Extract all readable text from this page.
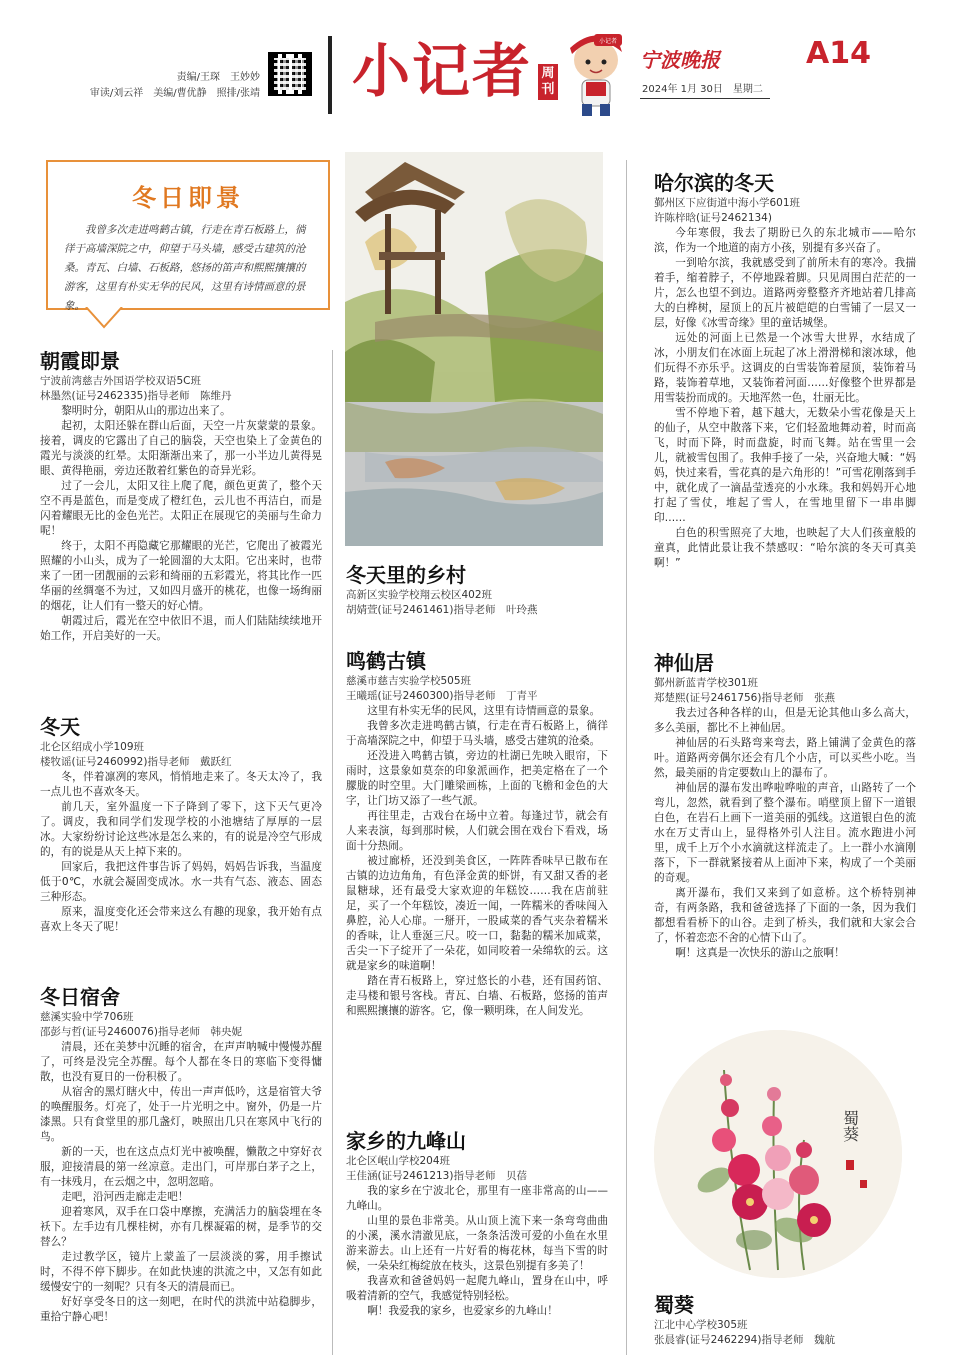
责编/王琛　王妙妙
审读/刘云祥　美编/曹优静　照排/张靖 小记者 周刊
小记者
宁波晚报	A14
2024年 1月 30日　星期二
冬日即景
我曾多次走进鸣鹤古镇，行走在青石板路上，徜徉于高墙深院之中，仰望于马头墙，感受古建筑的沧桑。青瓦、白墙、石板路，悠扬的笛声和熙熙攘攘的游客，这里有朴实无华的民风，这里有诗情画意的景象。
朝霞即景
宁波前湾慈吉外国语学校双语5C班
林墨然(证号2462335)指导老师　陈维丹

黎明时分，朝阳从山的那边出来了。

起初，太阳还躲在群山后面，天空一片灰蒙蒙的景象。接着，调皮的它露出了自己的脑袋，天空也染上了金黄色的霞光与淡淡的红晕。太阳渐渐出来了，那一小半边儿黄得晃眼、黄得艳丽，旁边还散着红紫色的奇异光彩。

过了一会儿，太阳又往上爬了爬，颜色更黄了，整个天空不再是蓝色，而是变成了橙红色，云儿也不再洁白，而是闪着耀眼无比的金色光芒。太阳正在展现它的美丽与生命力呢！

终于，太阳不再隐藏它那耀眼的光芒，它爬出了被霞光照耀的小山头，成为了一轮圆溜的大太阳。它出来时，也带来了一团一团靓丽的云彩和绮丽的五彩霞光，将其比作一匹华丽的丝绸毫不为过，又如四月盛开的桃花，也像一场绚丽的烟花，让人们有一整天的好心情。

朝霞过后，霞光在空中依旧不退，而人们陆陆续续地开始工作，开启美好的一天。

冬天
北仑区绍成小学109班
楼牧谣(证号2460992)指导老师　戴跃红

冬，伴着凛冽的寒风，悄悄地走来了。冬天太冷了，我一点儿也不喜欢冬天。

前几天，室外温度一下子降到了零下，这下天气更冷了。调皮，我和同学们发现学校的小池塘结了厚厚的一层冰。大家纷纷讨论这些冰是怎么来的，有的说是冷空气形成的，有的说是从天上掉下来的。

回家后，我把这件事告诉了妈妈，妈妈告诉我，当温度低于0℃，水就会凝固变成冰。水一共有气态、液态、固态三种形态。

原来，温度变化还会带来这么有趣的现象，我开始有点喜欢上冬天了呢！

冬日宿舍
慈溪实验中学706班
邵彭与哲(证号2460076)指导老师　韩央妮

清晨，还在美梦中沉睡的宿舍，在声声呐喊中慢慢苏醒了，可终是没完全苏醒。每个人都在冬日的寒临下变得慵散，也没有夏日的一份积极了。

从宿舍的黑灯瞎火中，传出一声声低吟，这是宿管大爷的唤醒服务。灯亮了，处于一片光明之中。窗外，仍是一片漆黑。只有食堂里的那几盏灯，映照出几只在寒风中飞行的鸟。

新的一天，也在这点点灯光中被唤醒，懒散之中穿好衣服，迎接清晨的第一丝凉意。走出门，可岸那白茅子之上，有一抹残月，在云烟之中，忽明忽暗。

走吧，沿河西走廊走走吧！

迎着寒风，双手在口袋中摩擦，充满活力的脑袋埋在冬袄下。左手边有几棵桂树，亦有几棵凝霜的树，是季节的交替么？

走过教学区，镜片上蒙盖了一层淡淡的雾，用手擦试时，不得不停下脚步。在如此快速的洪流之中，又怎有如此缓慢安宁的一刻呢？只有冬天的清晨而已。

好好享受冬日的这一刻吧，在时代的洪流中站稳脚步，重拾宁静心吧！

冬天里的乡村
高新区实验学校翔云校区402班
胡婧萱(证号2461461)指导老师　叶玲燕
鸣鹤古镇
慈溪市慈吉实验学校505班
王曦瑶(证号2460300)指导老师　丁青平

这里有朴实无华的民风，这里有诗情画意的景象。

我曾多次走进鸣鹤古镇，行走在青石板路上，徜徉于高墙深院之中，仰望于马头墙，感受古建筑的沧桑。

还没进入鸣鹤古镇，旁边的杜湖已先映入眼帘，下雨时，这景象如莫奈的印象派画作，把美定格在了一个朦胧的时空里。大门雕梁画栋，上面的飞檐和金色的大字，让门坊又添了一些气派。

再往里走，古戏台在场中立着。每逢过节，就会有人来表演，每到那时候，人们就会围在戏台下看戏，场面十分热闹。

被过廊桥，还没到美食区，一阵阵香味早已散布在古镇的边边角角，有色泽金黄的虾饼，有又甜又香的老鼠糖球，还有最受大家欢迎的年糕饺……我在店前驻足，买了一个年糕饺，凑近一闻，一阵糯米的香味闯入鼻腔，沁人心扉。一掰开，一股咸菜的香气夹杂着糯米的香味，让人垂涎三尺。咬一口，黏黏的糯米加咸菜，舌尖一下子绽开了一朵花，如同咬着一朵绵软的云。这就是家乡的味道啊！

踏在青石板路上，穿过悠长的小巷，还有国药馆、走马楼和银号客栈。青瓦、白墙、石板路，悠扬的笛声和熙熙攘攘的游客。它，像一颗明珠，在人间发光。

家乡的九峰山
北仑区岷山学校204班
王佳涵(证号2461213)指导老师　贝蓓

我的家乡在宁波北仑，那里有一座非常高的山——九峰山。

山里的景色非常美。从山顶上流下来一条弯弯曲曲的小溪，溪水清澈见底，一条条活泼可爱的小鱼在水里游来游去。山上还有一片好看的梅花林，每当下雪的时候，一朵朵红梅绽放在枝头，这景色别提有多美了！

我喜欢和爸爸妈妈一起爬九峰山，置身在山中，呼吸着清新的空气，我感觉特别轻松。

啊！我爱我的家乡，也爱家乡的九峰山！

哈尔滨的冬天
鄞州区下应街道中海小学601班
许陈梓晗(证号2462134)

今年寒假，我去了期盼已久的东北城市——哈尔滨，作为一个地道的南方小孩，别提有多兴奋了。

一到哈尔滨，我就感受到了前所未有的寒冷。我揣着手，缩着脖子，不停地跺着脚。只见周围白茫茫的一片，怎么也望不到边。道路两旁整整齐齐地站着几排高大的白桦树，屋顶上的瓦片被皑皑的白雪铺了一层又一层，好像《冰雪奇缘》里的童话城堡。

远处的河面上已然是一个冰雪大世界，水结成了冰，小朋友们在冰面上玩起了冰上滑滑梯和滚冰球，他们玩得不亦乐乎。这调皮的白雪装饰着屋顶，装饰着马路，装饰着草地，又装饰着河面……好像整个世界都是用雪装扮而成的。天地浑然一色，壮丽无比。

雪不停地下着，越下越大，无数朵小雪花像是天上的仙子，从空中散落下来，它们轻盈地舞动着，时而高飞，时而下降，时而盘旋，时而飞舞。站在雪里一会儿，就被雪包围了。我伸手接了一朵，兴奋地大喊：“妈妈，快过来看，雪花真的是六角形的！”可雪花刚落到手中，就化成了一滴晶莹透亮的小水珠。我和妈妈开心地打起了雪仗，堆起了雪人，在雪地里留下一串串脚印……

白色的积雪照亮了大地，也映起了大人们孩童般的童真，此情此景让我不禁感叹：“哈尔滨的冬天可真美啊！”

神仙居
鄞州新蓝青学校301班
郑楚熙(证号2461756)指导老师　张燕

我去过各种各样的山，但是无论其他山多么高大，多么美丽，都比不上神仙居。

神仙居的石头路弯来弯去，路上铺满了金黄色的落叶。道路两旁偶尔还会有几个小店，可以买些小吃。当然，最美丽的肯定要数山上的瀑布了。

神仙居的瀑布发出哗啦哗啦的声音，山路转了一个弯儿，忽然，就看到了整个瀑布。哨壁顶上留下一道银白色，在岩石上画下一道美丽的弧线。这道银白色的流水在万丈青山上，显得格外引人注目。流水跑进小河里，成千上万个小水滴就这样流走了。上一群小水滴刚落下，下一群就紧接着从上面冲下来，构成了一个美丽的奇观。

离开瀑布，我们又来到了如意桥。这个桥特别神奇，有两条路，我和爸爸选择了下面的一条，因为我们都想看看桥下的山谷。走到了桥头，我们就和大家会合了，怀着恋恋不舍的心情下山了。

啊！这真是一次快乐的游山之旅啊！

蜀葵
蜀葵
江北中心学校305班
张晨睿(证号2462294)指导老师　魏航
